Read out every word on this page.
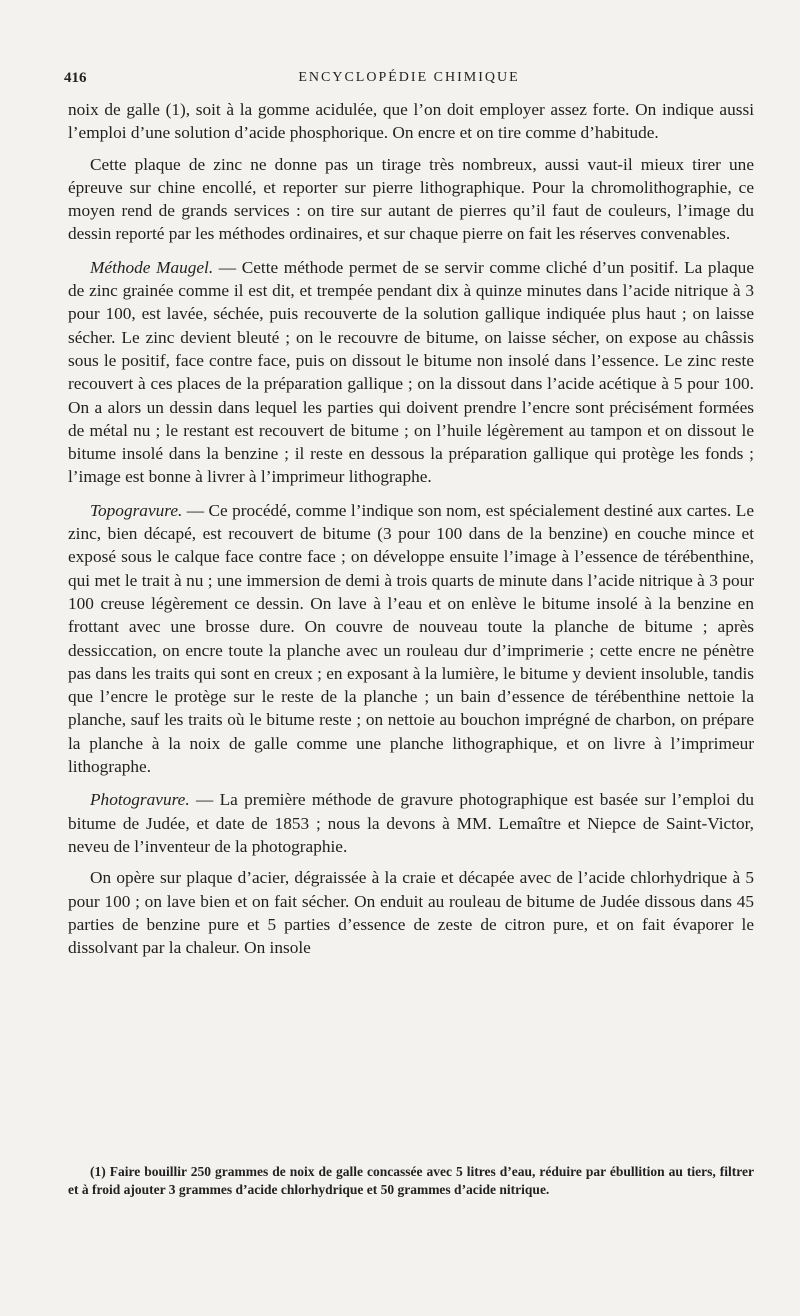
416	ENCYCLOPÉDIE CHIMIQUE

noix de galle (1), soit à la gomme acidulée, que l’on doit employer assez forte. On indique aussi l’emploi d’une solution d’acide phosphorique. On encre et on tire comme d’habitude.

Cette plaque de zinc ne donne pas un tirage très nombreux, aussi vaut-il mieux tirer une épreuve sur chine encollé, et reporter sur pierre lithographique. Pour la chromolithographie, ce moyen rend de grands services : on tire sur autant de pierres qu’il faut de couleurs, l’image du dessin reporté par les méthodes ordinaires, et sur chaque pierre on fait les réserves convenables.

Méthode Maugel. — Cette méthode permet de se servir comme cliché d’un positif. La plaque de zinc grainée comme il est dit, et trempée pendant dix à quinze minutes dans l’acide nitrique à 3 pour 100, est lavée, séchée, puis recouverte de la solution gallique indiquée plus haut ; on laisse sécher. Le zinc devient bleuté ; on le recouvre de bitume, on laisse sécher, on expose au châssis sous le positif, face contre face, puis on dissout le bitume non insolé dans l’essence. Le zinc reste recouvert à ces places de la préparation gallique ; on la dissout dans l’acide acétique à 5 pour 100. On a alors un dessin dans lequel les parties qui doivent prendre l’encre sont précisément formées de métal nu ; le restant est recouvert de bitume ; on l’huile légèrement au tampon et on dissout le bitume insolé dans la benzine ; il reste en dessous la préparation gallique qui protège les fonds ; l’image est bonne à livrer à l’imprimeur lithographe.

Topogravure. — Ce procédé, comme l’indique son nom, est spécialement destiné aux cartes. Le zinc, bien décapé, est recouvert de bitume (3 pour 100 dans de la benzine) en couche mince et exposé sous le calque face contre face ; on développe ensuite l’image à l’essence de térébenthine, qui met le trait à nu ; une immersion de demi à trois quarts de minute dans l’acide nitrique à 3 pour 100 creuse légèrement ce dessin. On lave à l’eau et on enlève le bitume insolé à la benzine en frottant avec une brosse dure. On couvre de nouveau toute la planche de bitume ; après dessiccation, on encre toute la planche avec un rouleau dur d’imprimerie ; cette encre ne pénètre pas dans les traits qui sont en creux ; en exposant à la lumière, le bitume y devient insoluble, tandis que l’encre le protège sur le reste de la planche ; un bain d’essence de térébenthine nettoie la planche, sauf les traits où le bitume reste ; on nettoie au bouchon imprégné de charbon, on prépare la planche à la noix de galle comme une planche lithographique, et on livre à l’imprimeur lithographe.

Photogravure. — La première méthode de gravure photographique est basée sur l’emploi du bitume de Judée, et date de 1853 ; nous la devons à MM. Lemaître et Niepce de Saint-Victor, neveu de l’inventeur de la photographie.

On opère sur plaque d’acier, dégraissée à la craie et décapée avec de l’acide chlorhydrique à 5 pour 100 ; on lave bien et on fait sécher. On enduit au rouleau de bitume de Judée dissous dans 45 parties de benzine pure et 5 parties d’essence de zeste de citron pure, et on fait évaporer le dissolvant par la chaleur. On insole

(1) Faire bouillir 250 grammes de noix de galle concassée avec 5 litres d’eau, réduire par ébullition au tiers, filtrer et à froid ajouter 3 grammes d’acide chlorhydrique et 50 grammes d’acide nitrique.
